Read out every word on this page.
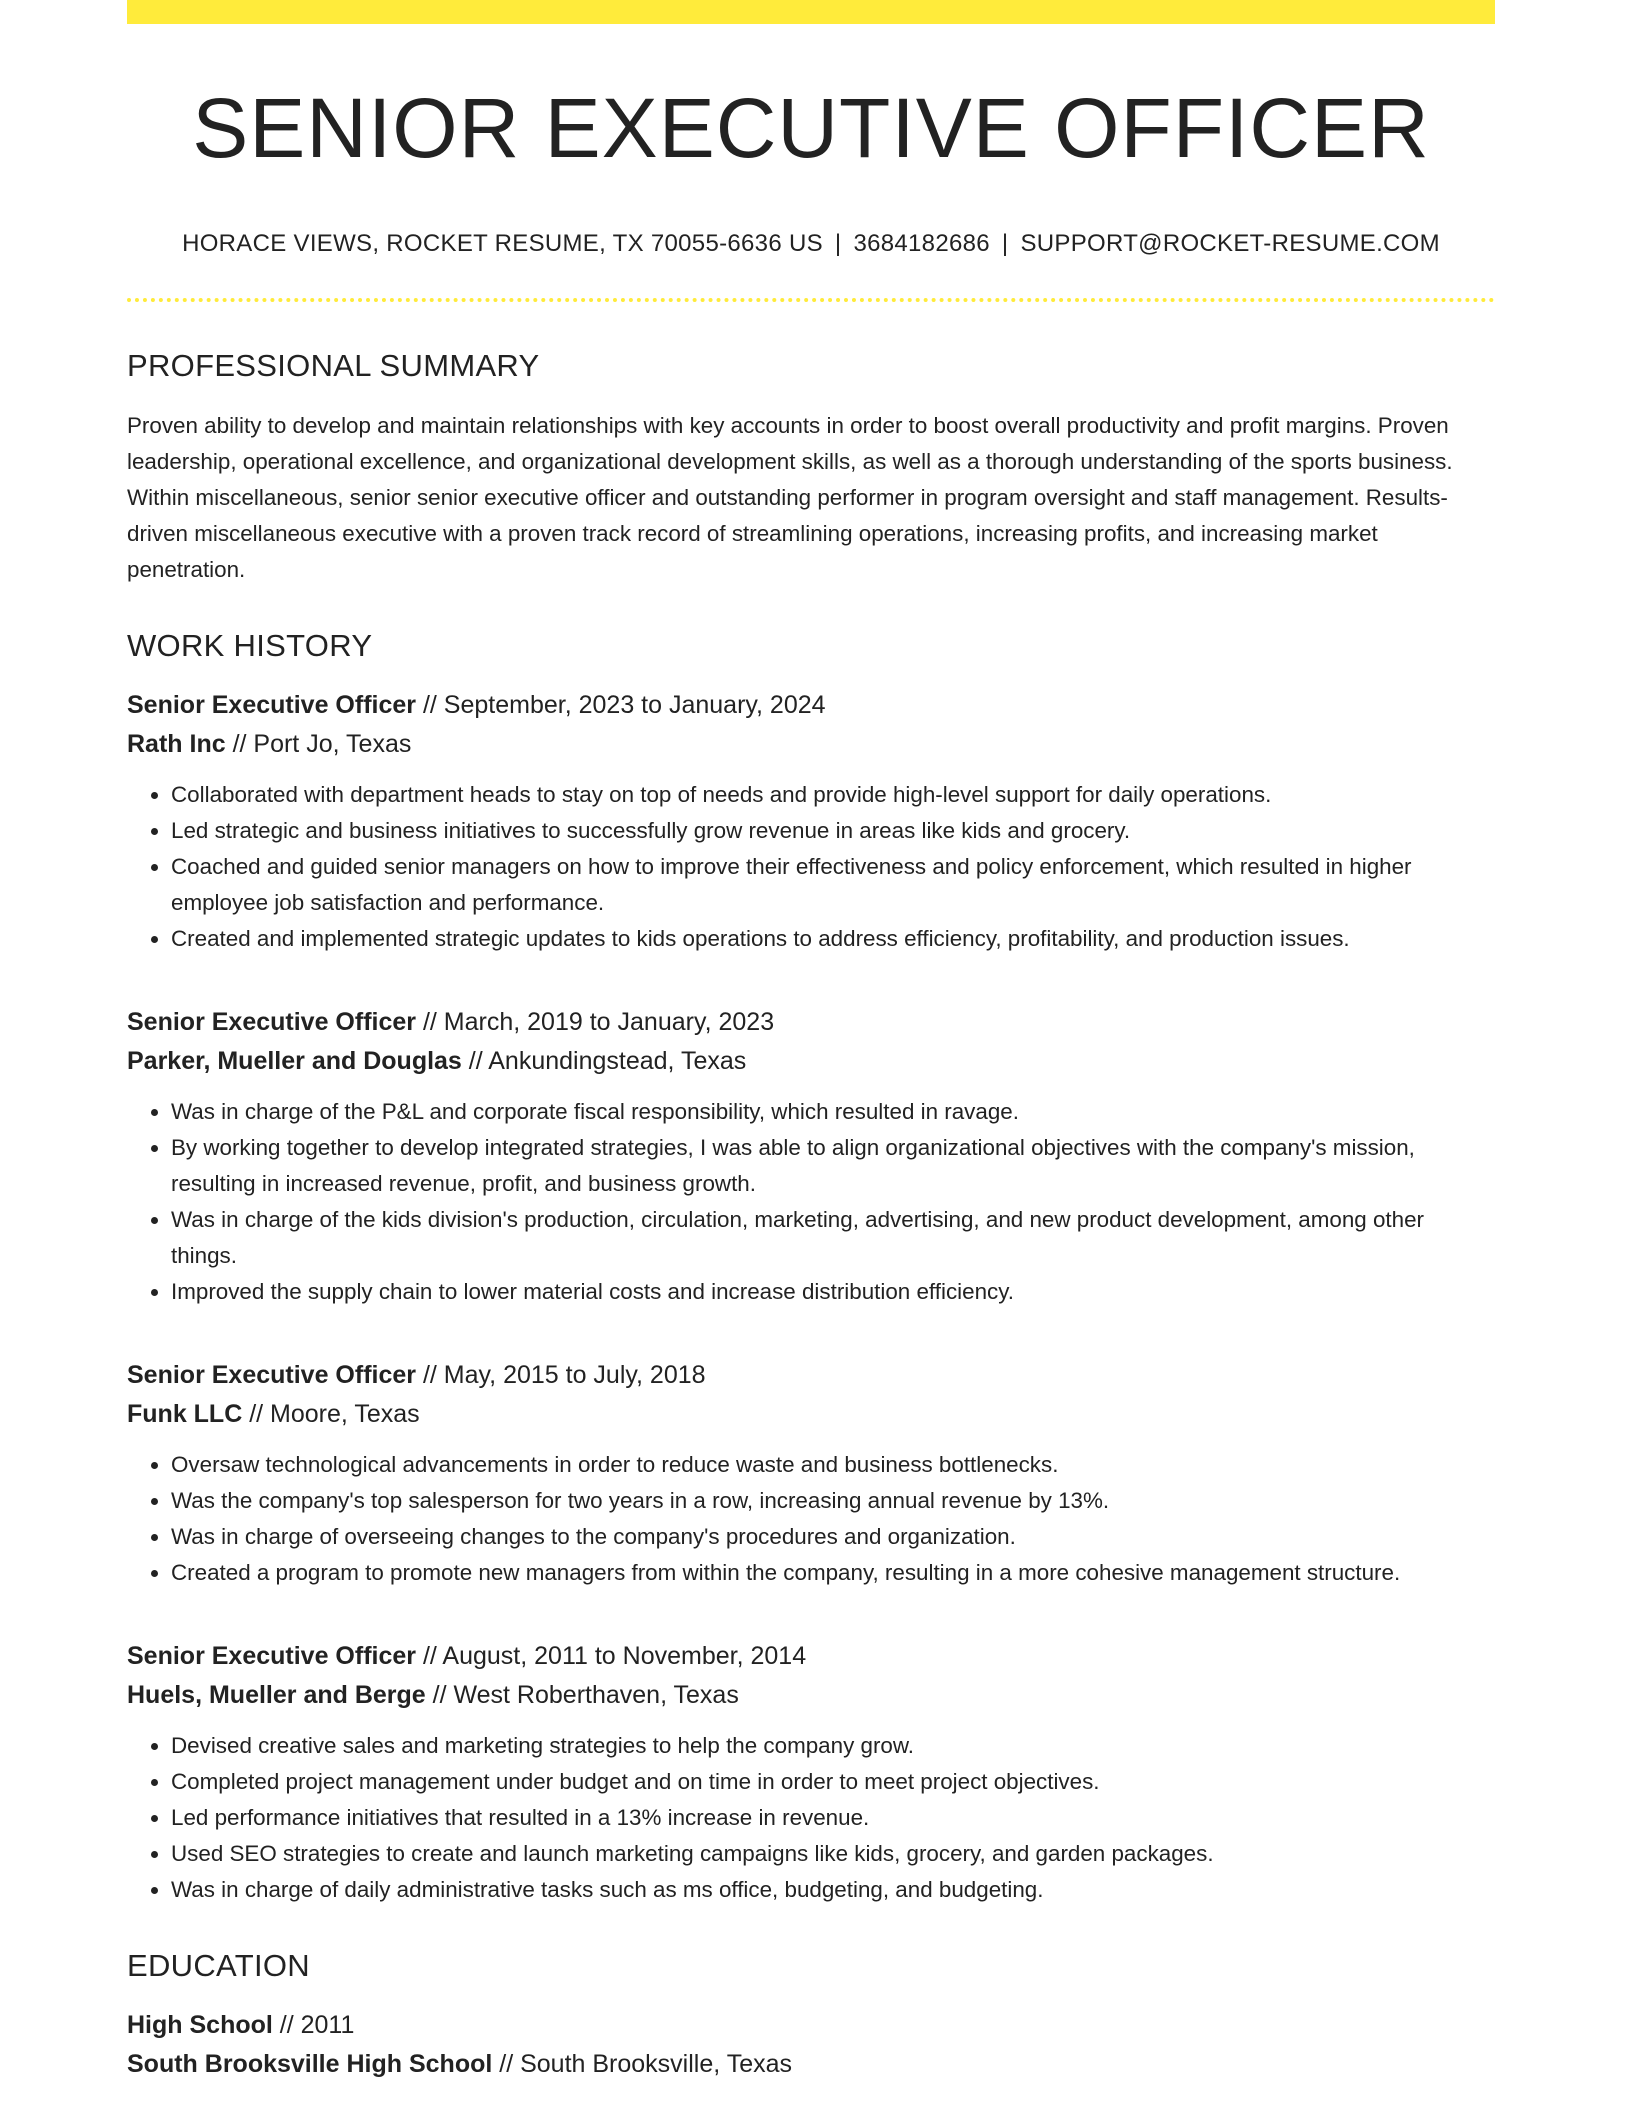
SENIOR EXECUTIVE OFFICER
HORACE VIEWS, ROCKET RESUME, TX 70055-6636 US | 3684182686 | SUPPORT@ROCKET-RESUME.COM
PROFESSIONAL SUMMARY
Proven ability to develop and maintain relationships with key accounts in order to boost overall productivity and profit margins. Proven leadership, operational excellence, and organizational development skills, as well as a thorough understanding of the sports business. Within miscellaneous, senior senior executive officer and outstanding performer in program oversight and staff management. Results-driven miscellaneous executive with a proven track record of streamlining operations, increasing profits, and increasing market penetration.
WORK HISTORY
Senior Executive Officer // September, 2023 to January, 2024
Rath Inc // Port Jo, Texas
• Collaborated with department heads to stay on top of needs and provide high-level support for daily operations.
• Led strategic and business initiatives to successfully grow revenue in areas like kids and grocery.
• Coached and guided senior managers on how to improve their effectiveness and policy enforcement, which resulted in higher employee job satisfaction and performance.
• Created and implemented strategic updates to kids operations to address efficiency, profitability, and production issues.
Senior Executive Officer // March, 2019 to January, 2023
Parker, Mueller and Douglas // Ankundingstead, Texas
• Was in charge of the P&L and corporate fiscal responsibility, which resulted in ravage.
• By working together to develop integrated strategies, I was able to align organizational objectives with the company's mission, resulting in increased revenue, profit, and business growth.
• Was in charge of the kids division's production, circulation, marketing, advertising, and new product development, among other things.
• Improved the supply chain to lower material costs and increase distribution efficiency.
Senior Executive Officer // May, 2015 to July, 2018
Funk LLC // Moore, Texas
• Oversaw technological advancements in order to reduce waste and business bottlenecks.
• Was the company's top salesperson for two years in a row, increasing annual revenue by 13%.
• Was in charge of overseeing changes to the company's procedures and organization.
• Created a program to promote new managers from within the company, resulting in a more cohesive management structure.
Senior Executive Officer // August, 2011 to November, 2014
Huels, Mueller and Berge // West Roberthaven, Texas
• Devised creative sales and marketing strategies to help the company grow.
• Completed project management under budget and on time in order to meet project objectives.
• Led performance initiatives that resulted in a 13% increase in revenue.
• Used SEO strategies to create and launch marketing campaigns like kids, grocery, and garden packages.
• Was in charge of daily administrative tasks such as ms office, budgeting, and budgeting.
EDUCATION
High School // 2011
South Brooksville High School // South Brooksville, Texas
